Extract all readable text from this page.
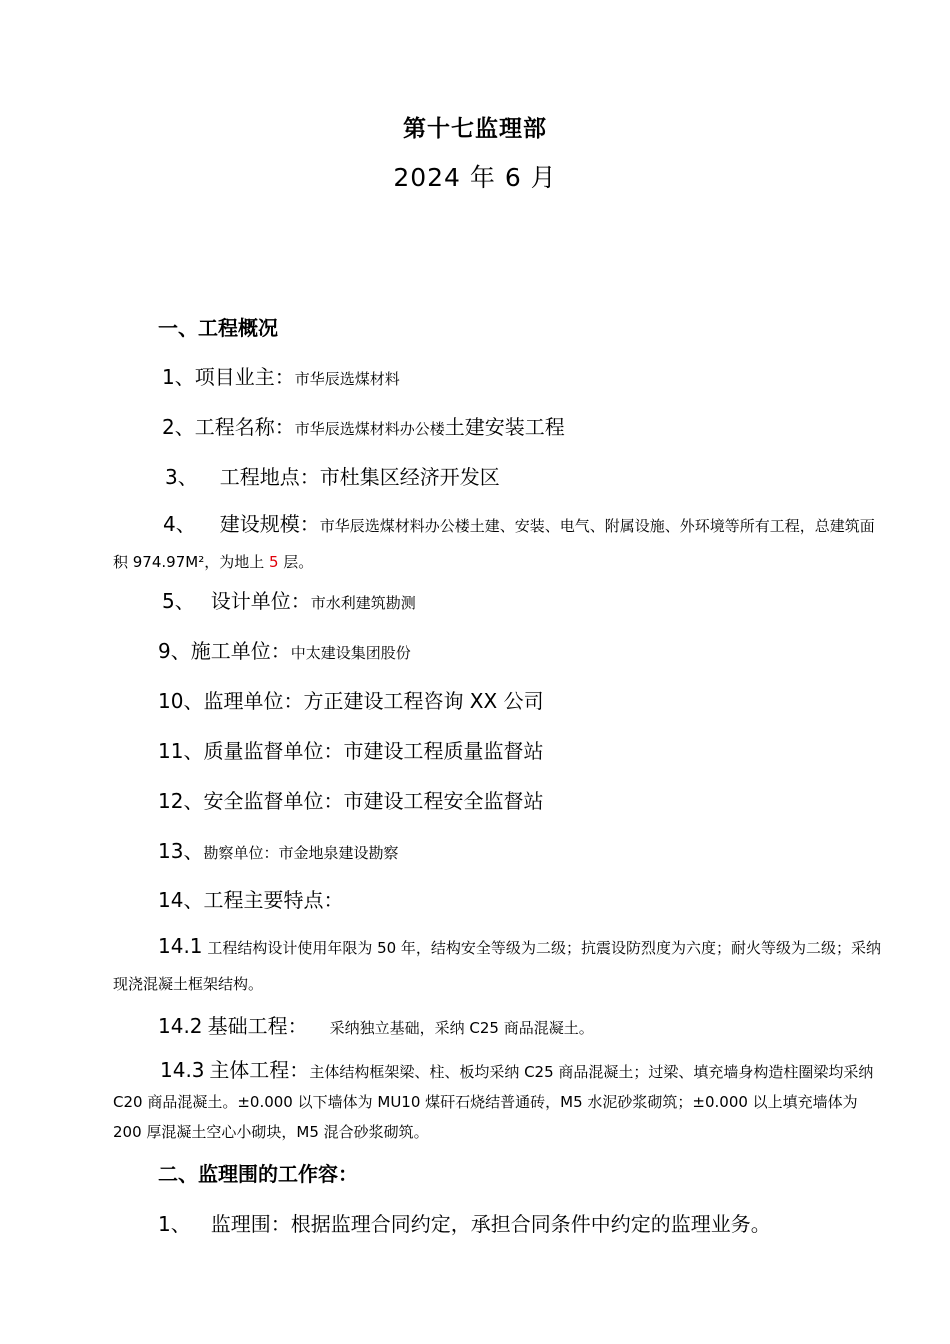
第十七监理部
2024 年 6 月
一、工程概况
1、项目业主：市华辰选煤材料
2、工程名称：市华辰选煤材料办公楼土建安装工程
3、 工程地点：市杜集区经济开发区
4、 建设规模：市华辰选煤材料办公楼土建、安装、电气、附属设施、外环境等所有工程，总建筑面积 974.97M²，为地上 5 层。
5、 设计单位：市水利建筑勘测
9、施工单位：中太建设集团股份
10、监理单位：方正建设工程咨询 XX 公司
11、质量监督单位：市建设工程质量监督站
12、安全监督单位：市建设工程安全监督站
13、勘察单位：市金地泉建设勘察
14、工程主要特点：
14.1 工程结构设计使用年限为 50 年，结构安全等级为二级；抗震设防烈度为六度；耐火等级为二级；采纳现浇混凝土框架结构。
14.2 基础工程： 采纳独立基础，采纳 C25 商品混凝土。
14.3 主体工程：主体结构框架梁、柱、板均采纳 C25 商品混凝土；过梁、填充墙身构造柱圈梁均采纳 C20 商品混凝土。±0.000 以下墙体为 MU10 煤矸石烧结普通砖，M5 水泥砂浆砌筑；±0.000 以上填充墙体为 200 厚混凝土空心小砌块，M5 混合砂浆砌筑。
二、监理围的工作容：
1、 监理围：根据监理合同约定，承担合同条件中约定的监理业务。
